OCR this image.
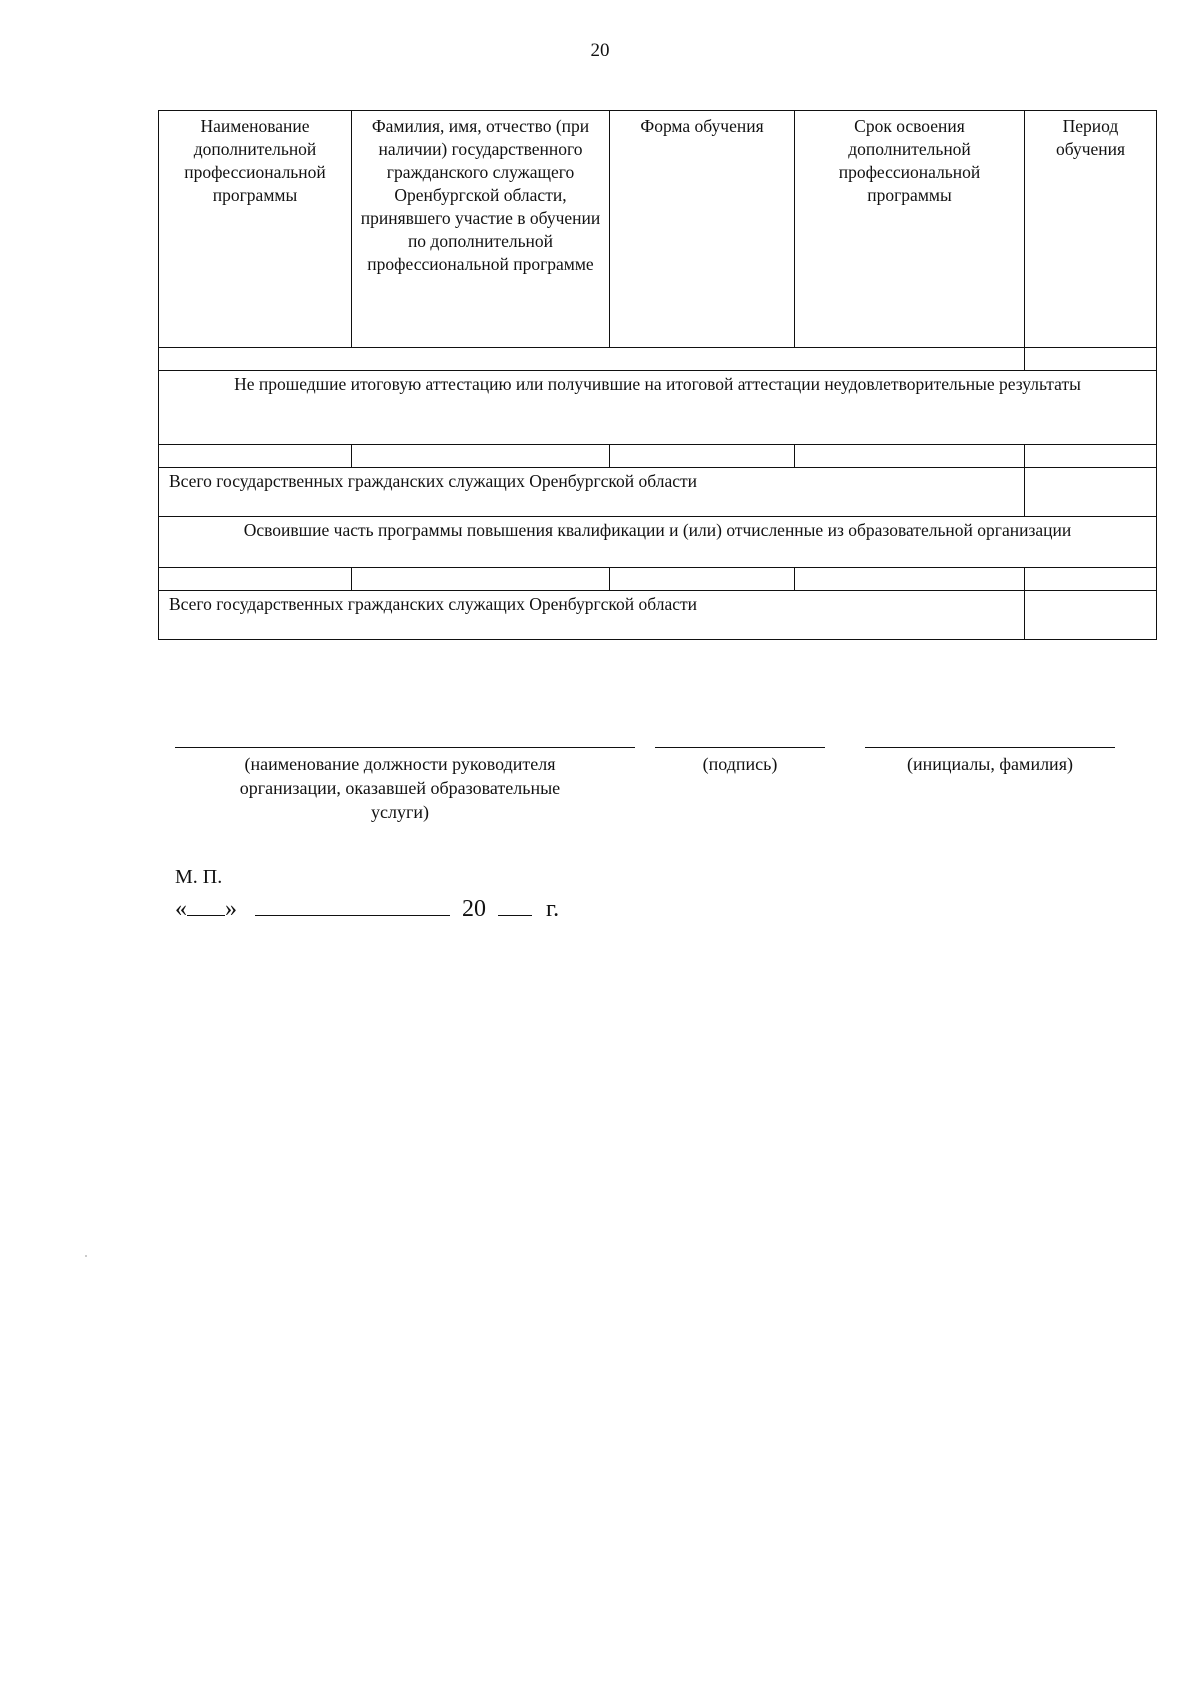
20
Наименование дополнительной профессиональной программы	Фамилия, имя, отчество (при наличии) государственного гражданского служащего Оренбургской области, принявшего участие в обучении по дополнительной профессиональной программе	Форма обучения	Срок освоения дополнительной профессиональной программы	Период обучения

Не прошедшие итоговую аттестацию или получившие на итоговой аттестации неудовлетворительные результаты				

Всего государственных гражданских служащих Оренбургской области				
Освоившие часть программы повышения квалификации и (или) отчисленные из образовательной организации				

Всего государственных гражданских служащих Оренбургской области				
(наименование должности руководителя организации, оказавшей образовательные услуги)
(подпись)	(инициалы, фамилия)
М. П.
« »	20	г.
